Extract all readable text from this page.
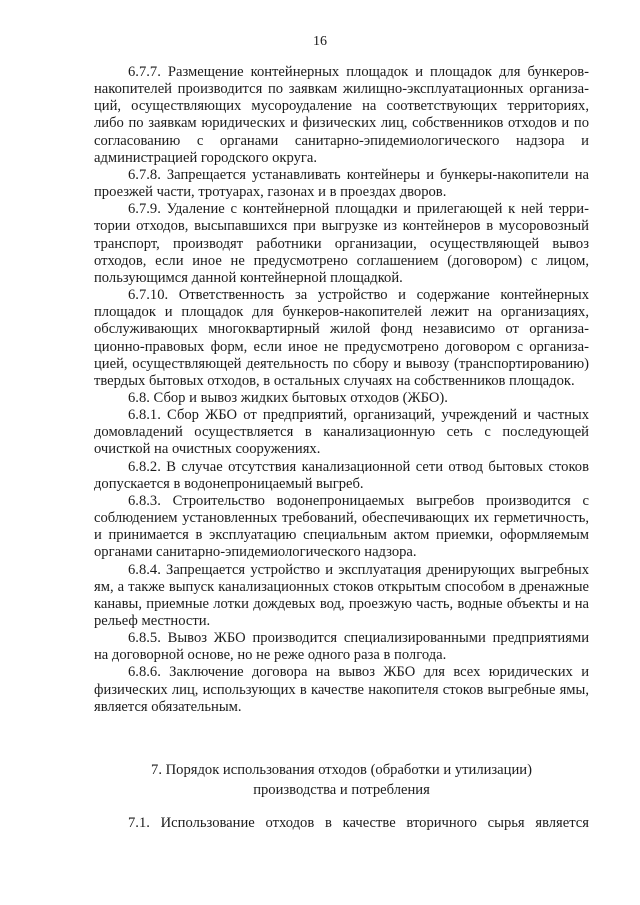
16

6.7.7. Размещение контейнерных площадок и площадок для бункеров-накопителей производится по заявкам жилищно-эксплуатационных организаций, осуществляющих мусороудаление на соответствующих территориях, либо по заявкам юридических и физических лиц, собственников отходов и по согласованию с органами санитарно-эпидемиологического надзора и администрацией городского округа.

6.7.8. Запрещается устанавливать контейнеры и бункеры-накопители на проезжей части, тротуарах, газонах и в проездах дворов.

6.7.9. Удаление с контейнерной площадки и прилегающей к ней территории отходов, высыпавшихся при выгрузке из контейнеров в мусоровозный транспорт, производят работники организации, осуществляющей вывоз отходов, если иное не предусмотрено соглашением (договором) с лицом, пользующимся данной контейнерной площадкой.

6.7.10. Ответственность за устройство и содержание контейнерных площадок и площадок для бункеров-накопителей лежит на организациях, обслуживающих многоквартирный жилой фонд независимо от организационно-правовых форм, если иное не предусмотрено договором с организацией, осуществляющей деятельность по сбору и вывозу (транспортированию) твердых бытовых отходов, в остальных случаях на собственников площадок.

6.8. Сбор и вывоз жидких бытовых отходов (ЖБО).

6.8.1. Сбор ЖБО от предприятий, организаций, учреждений и частных домовладений осуществляется в канализационную сеть с последующей очисткой на очистных сооружениях.

6.8.2. В случае отсутствия канализационной сети отвод бытовых стоков допускается в водонепроницаемый выгреб.

6.8.3. Строительство водонепроницаемых выгребов производится с соблюдением установленных требований, обеспечивающих их герметичность, и принимается в эксплуатацию специальным актом приемки, оформляемым органами санитарно-эпидемиологического надзора.

6.8.4. Запрещается устройство и эксплуатация дренирующих выгребных ям, а также выпуск канализационных стоков открытым способом в дренажные канавы, приемные лотки дождевых вод, проезжую часть, водные объекты и на рельеф местности.

6.8.5. Вывоз ЖБО производится специализированными предприятиями на договорной основе, но не реже одного раза в полгода.

6.8.6. Заключение договора на вывоз ЖБО для всех юридических и физических лиц, использующих в качестве накопителя стоков выгребные ямы, является обязательным.

7. Порядок использования отходов (обработки и утилизации)
производства и потребления
7.1. Использование отходов в качестве вторичного сырья является
